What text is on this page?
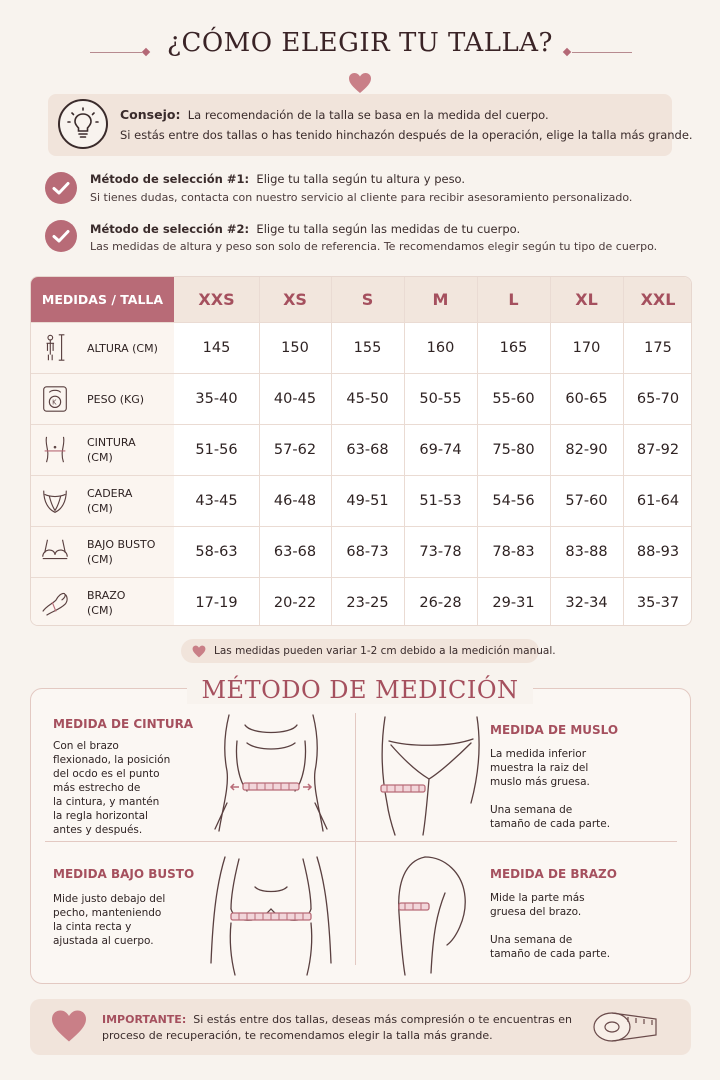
¿CÓMO ELEGIR TU TALLA?
Consejo: La recomendación de la talla se basa en la medida del cuerpo.
Si estás entre dos tallas o has tenido hinchazón después de la operación, elige la talla más grande.
Método de selección #1: Elige tu talla según tu altura y peso.
Si tienes dudas, contacta con nuestro servicio al cliente para recibir asesoramiento personalizado.
Método de selección #2: Elige tu talla según las medidas de tu cuerpo.
Las medidas de altura y peso son solo de referencia. Te recomendamos elegir según tu tipo de cuerpo.
MEDIDAS / TALLA	XXS	XS	S	M	L	XL	XXL
ALTURA (CM)	145	150	155	160	165	170	175
K	PESO (KG)	35-40	40-45	45-50	50-55	55-60	60-65	65-70
CINTURA
(CM)	51-56	57-62	63-68	69-74	75-80	82-90	87-92
CADERA
(CM)	43-45	46-48	49-51	51-53	54-56	57-60	61-64
BAJO BUSTO
(CM)	58-63	63-68	68-73	73-78	78-83	83-88	88-93
BRAZO
(CM)	17-19	20-22	23-25	26-28	29-31	32-34	35-37
Las medidas pueden variar 1-2 cm debido a la medición manual.
MEDIDA DE CINTURA
Con el brazo
flexionado, la posición
del ocdo es el punto
más estrecho de
la cintura, y mantén
la regla horizontal
antes y después.
MEDIDA DE MUSLO
La medida inferior
muestra la raiz del
muslo más gruesa.
Una semana de
tamaño de cada parte.
MEDIDA BAJO BUSTO
Mide justo debajo del
pecho, manteniendo
la cinta recta y
ajustada al cuerpo.
MEDIDA DE BRAZO
Mide la parte más
gruesa del brazo.
Una semana de
tamaño de cada parte.
MÉTODO DE MEDICIÓN
IMPORTANTE: Si estás entre dos tallas, deseas más compresión o te encuentras en proceso de recuperación, te recomendamos elegir la talla más grande.
